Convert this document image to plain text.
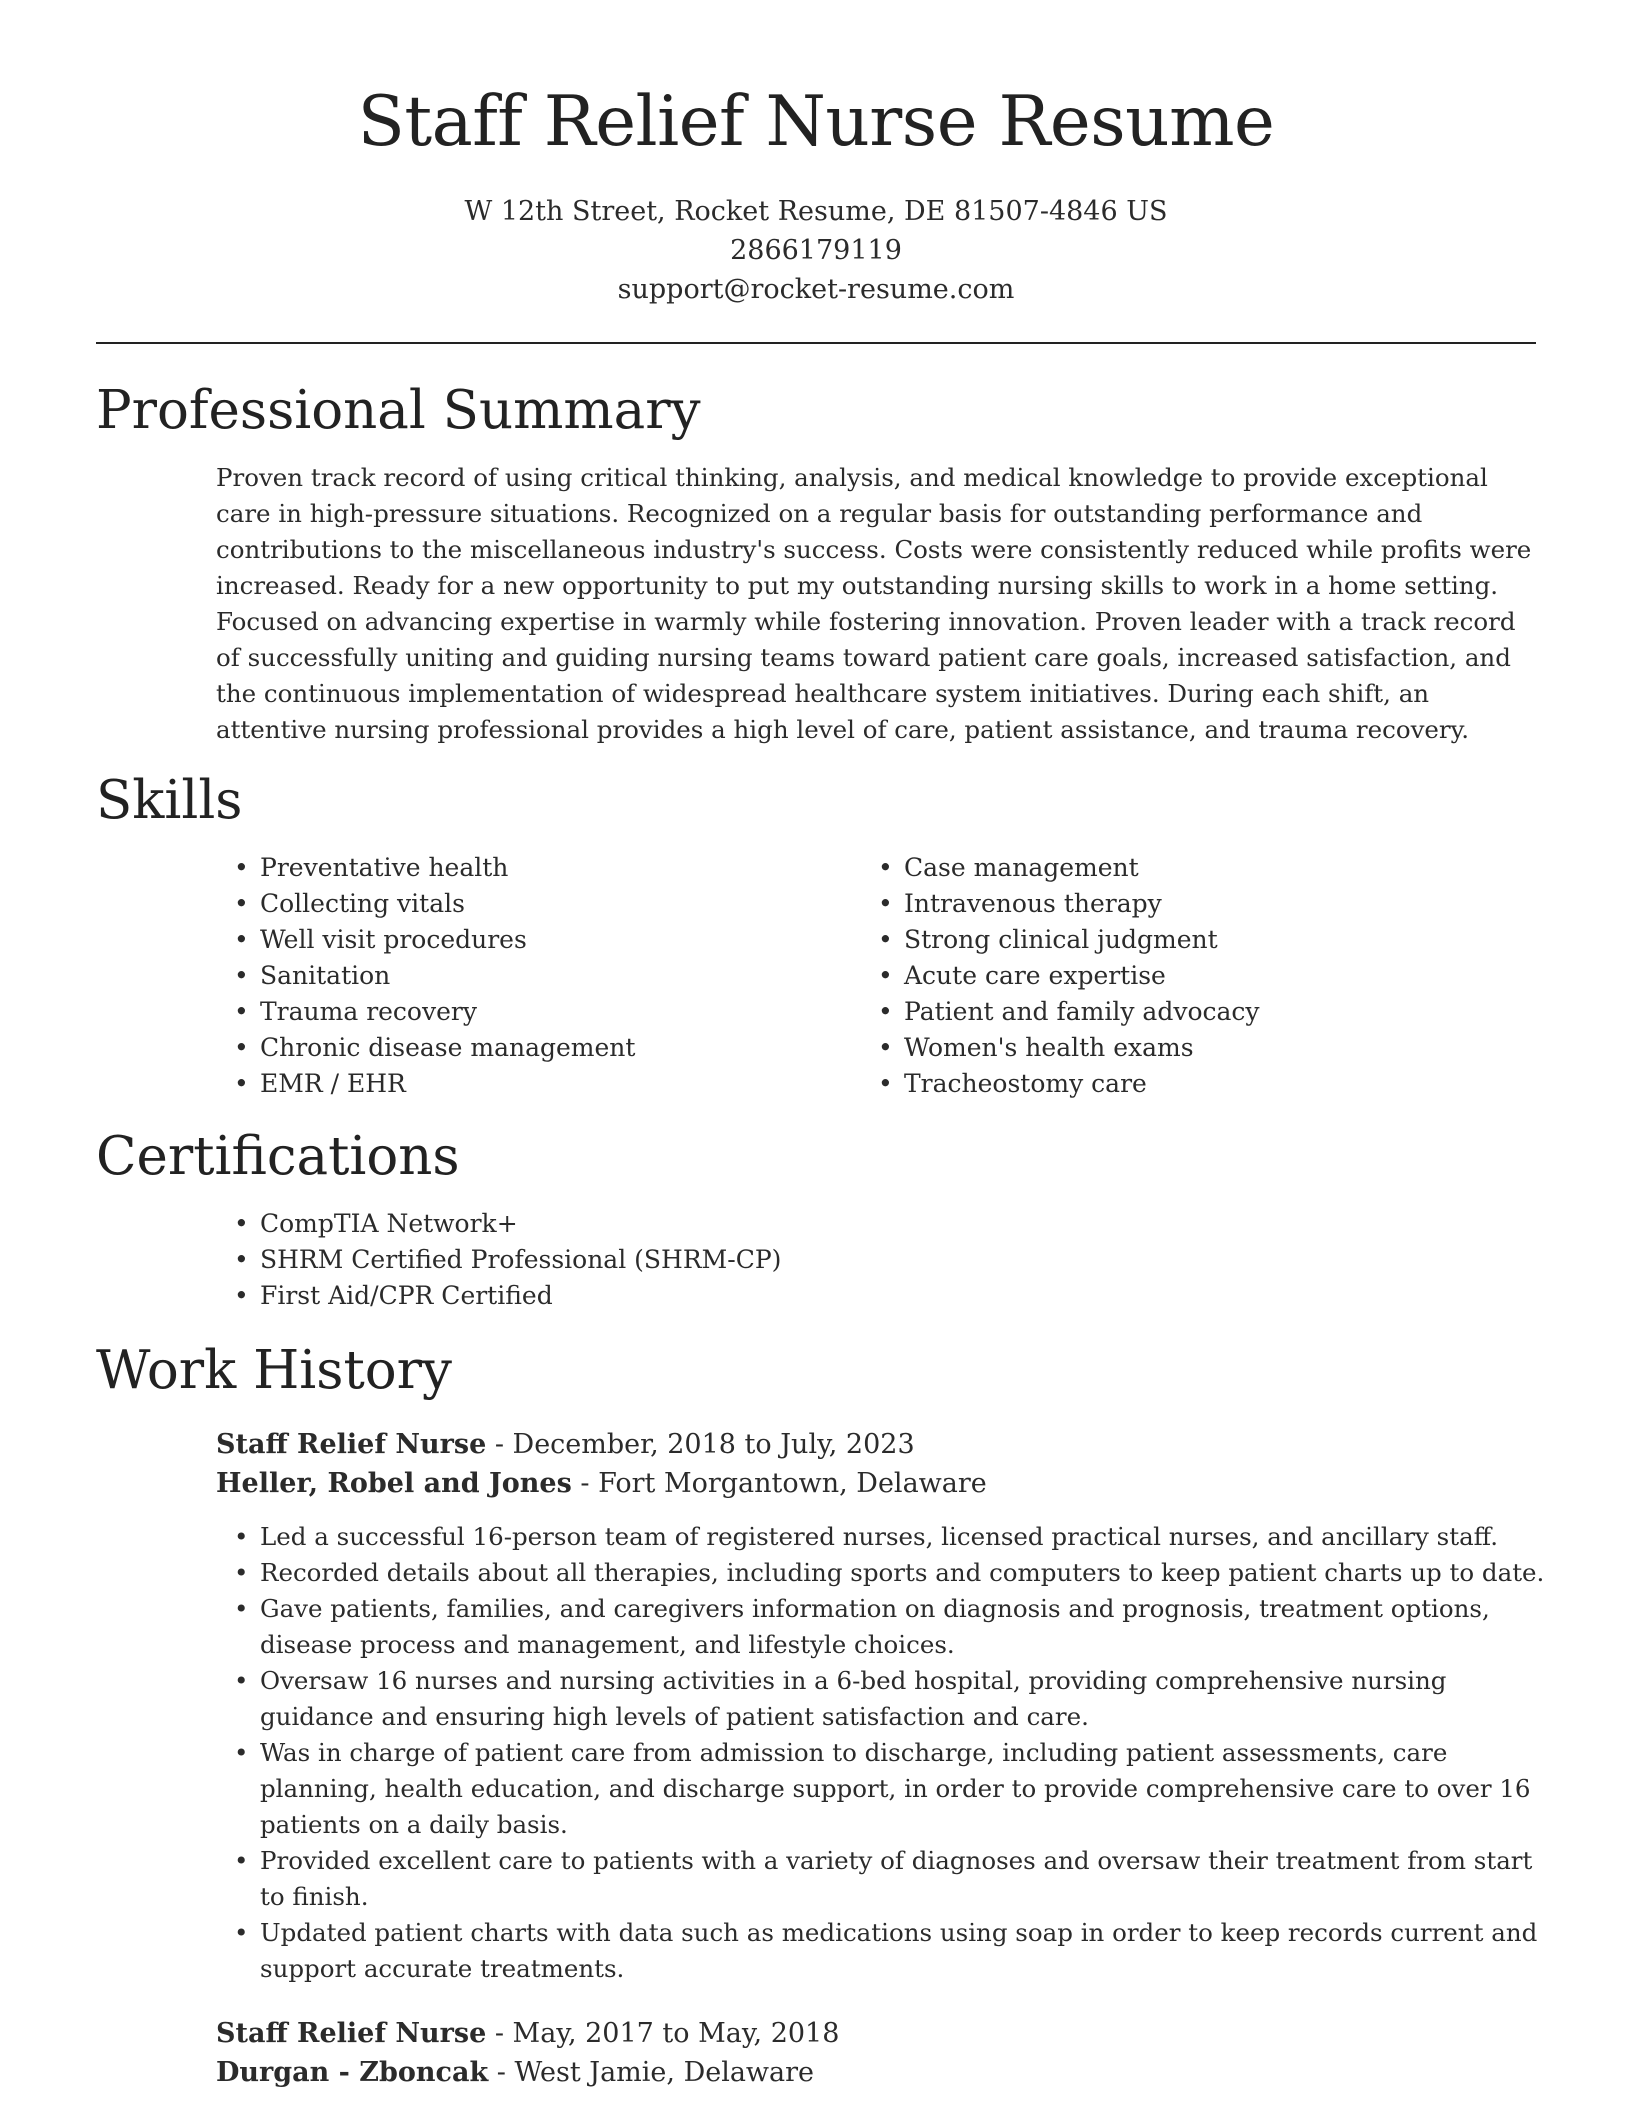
Staff Relief Nurse Resume
W 12th Street, Rocket Resume, DE 81507-4846 US
2866179119
support@rocket-resume.com
Professional Summary

Proven track record of using critical thinking, analysis, and medical knowledge to provide exceptional care in high-pressure situations. Recognized on a regular basis for outstanding performance and contributions to the miscellaneous industry's success. Costs were consistently reduced while profits were increased. Ready for a new opportunity to put my outstanding nursing skills to work in a home setting. Focused on advancing expertise in warmly while fostering innovation. Proven leader with a track record of successfully uniting and guiding nursing teams toward patient care goals, increased satisfaction, and the continuous implementation of widespread healthcare system initiatives. During each shift, an attentive nursing professional provides a high level of care, patient assistance, and trauma recovery.

Skills
• Preventative health
• Collecting vitals
• Well visit procedures
• Sanitation
• Trauma recovery
• Chronic disease management
• EMR / EHR
• Case management
• Intravenous therapy
• Strong clinical judgment
• Acute care expertise
• Patient and family advocacy
• Women's health exams
• Tracheostomy care
Certifications
• CompTIA Network+
• SHRM Certified Professional (SHRM-CP)
• First Aid/CPR Certified
Work History
Staff Relief Nurse - December, 2018 to July, 2023
Heller, Robel and Jones - Fort Morgantown, Delaware
• Led a successful 16-person team of registered nurses, licensed practical nurses, and ancillary staff.
• Recorded details about all therapies, including sports and computers to keep patient charts up to date.
• Gave patients, families, and caregivers information on diagnosis and prognosis, treatment options, disease process and management, and lifestyle choices.
• Oversaw 16 nurses and nursing activities in a 6-bed hospital, providing comprehensive nursing guidance and ensuring high levels of patient satisfaction and care.
• Was in charge of patient care from admission to discharge, including patient assessments, care planning, health education, and discharge support, in order to provide comprehensive care to over 16 patients on a daily basis.
• Provided excellent care to patients with a variety of diagnoses and oversaw their treatment from start to finish.
• Updated patient charts with data such as medications using soap in order to keep records current and support accurate treatments.
Staff Relief Nurse - May, 2017 to May, 2018
Durgan - Zboncak - West Jamie, Delaware
